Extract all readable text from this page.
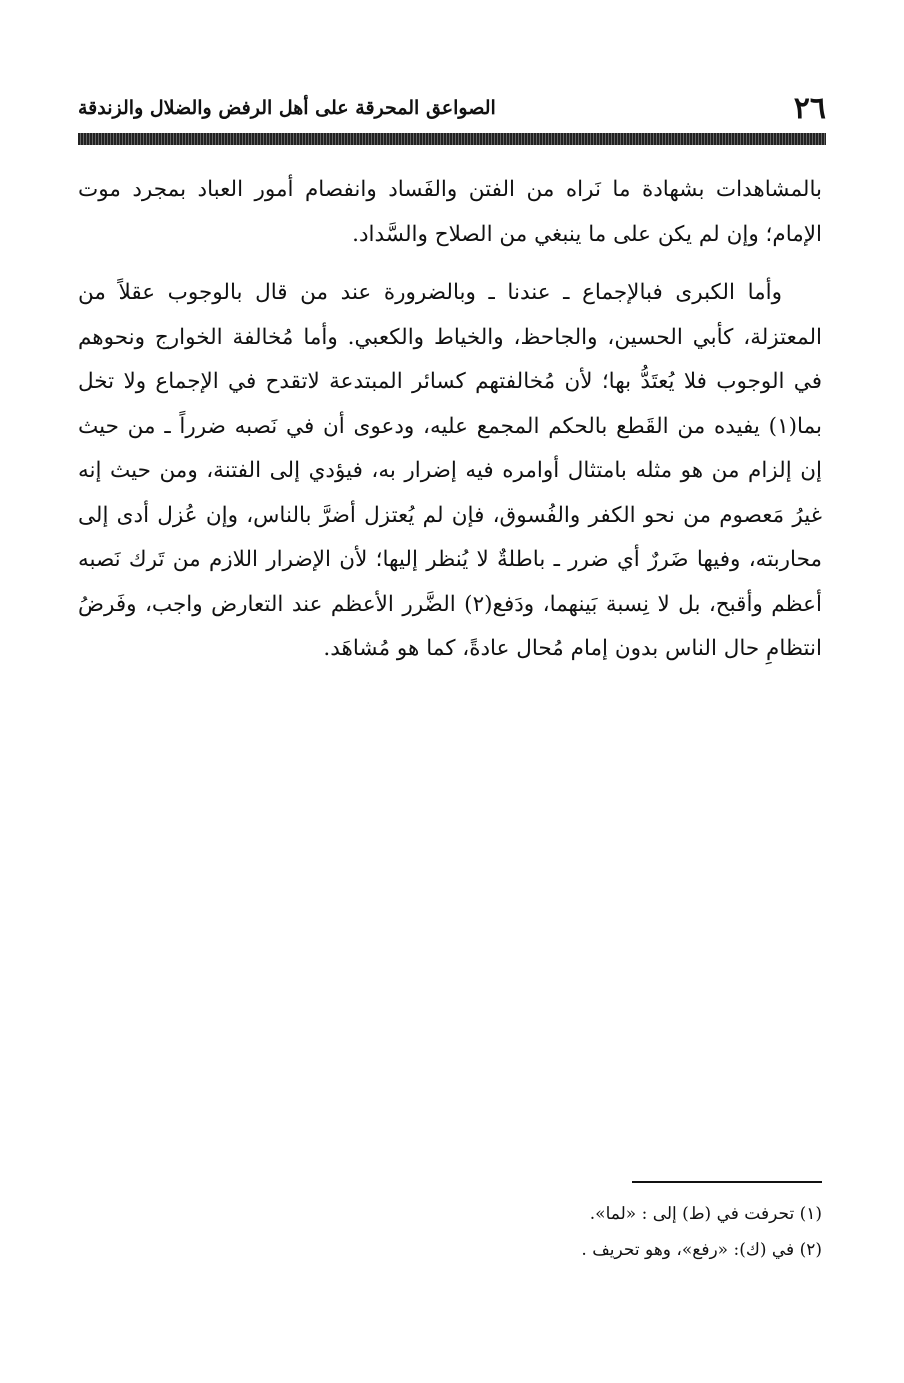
٢٦
الصواعق المحرقة على أهل الرفض والضلال والزندقة

بالمشاهدات بشهادة ما نَراه من الفتن والفَساد وانفصام أمور العباد بمجرد موت الإمام؛ وإن لم يكن على ما ينبغي من الصلاح والسَّداد.

وأما الكبرى فبالإجماع ـ عندنا ـ وبالضرورة عند من قال بالوجوب عقلاً من المعتزلة، كأبي الحسين، والجاحظ، والخياط والكعبي. وأما مُخالفة الخوارج ونحوهم في الوجوب فلا يُعتَدُّ بها؛ لأن مُخالفتهم كسائر المبتدعة لاتقدح في الإجماع ولا تخل بما(١) يفيده من القَطع بالحكم المجمع عليه، ودعوى أن في نَصبه ضرراً ـ من حيث إن إلزام من هو مثله بامتثال أوامره فيه إضرار به، فيؤدي إلى الفتنة، ومن حيث إنه غيرُ مَعصوم من نحو الكفر والفُسوق، فإن لم يُعتزل أضرَّ بالناس، وإن عُزل أدى إلى محاربته، وفيها ضَررٌ أي ضرر ـ باطلةٌ لا يُنظر إليها؛ لأن الإضرار اللازم من تَرك نَصبه أعظم وأقبح، بل لا نِسبة بَينهما، ودَفع(٢) الضَّرر الأعظم عند التعارض واجب، وفَرضُ انتظامِ حال الناس بدون إمام مُحال عادةً، كما هو مُشاهَد.

(١) تحرفت في (ط) إلى : «لما».
(٢) في (ك): «رفع»، وهو تحريف .
